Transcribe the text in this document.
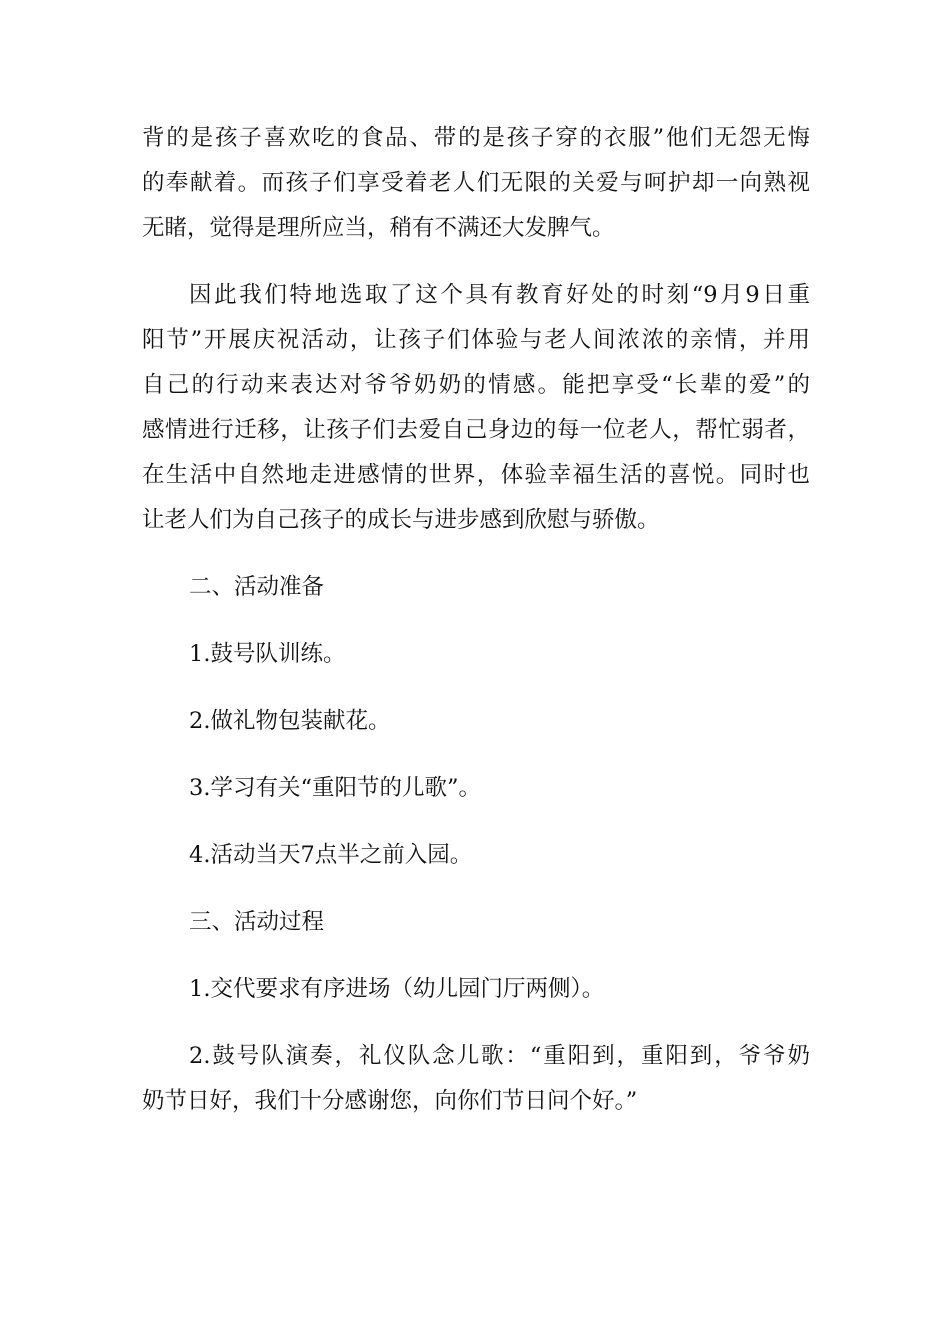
背的是孩子喜欢吃的食品、带的是孩子穿的衣服”他们无怨无悔
的奉献着。而孩子们享受着老人们无限的关爱与呵护却一向熟视
无睹，觉得是理所应当，稍有不满还大发脾气。
因此我们特地选取了这个具有教育好处的时刻“9月9日重
阳节”开展庆祝活动，让孩子们体验与老人间浓浓的亲情，并用
自己的行动来表达对爷爷奶奶的情感。能把享受“长辈的爱”的
感情进行迁移，让孩子们去爱自己身边的每一位老人，帮忙弱者，
在生活中自然地走进感情的世界，体验幸福生活的喜悦。同时也
让老人们为自己孩子的成长与进步感到欣慰与骄傲。
二、活动准备
1.鼓号队训练。
2.做礼物包装献花。
3.学习有关“重阳节的儿歌”。
4.活动当天7点半之前入园。
三、活动过程
1.交代要求有序进场（幼儿园门厅两侧）。
2.鼓号队演奏，礼仪队念儿歌：“重阳到，重阳到，爷爷奶
奶节日好，我们十分感谢您，向你们节日问个好。”
